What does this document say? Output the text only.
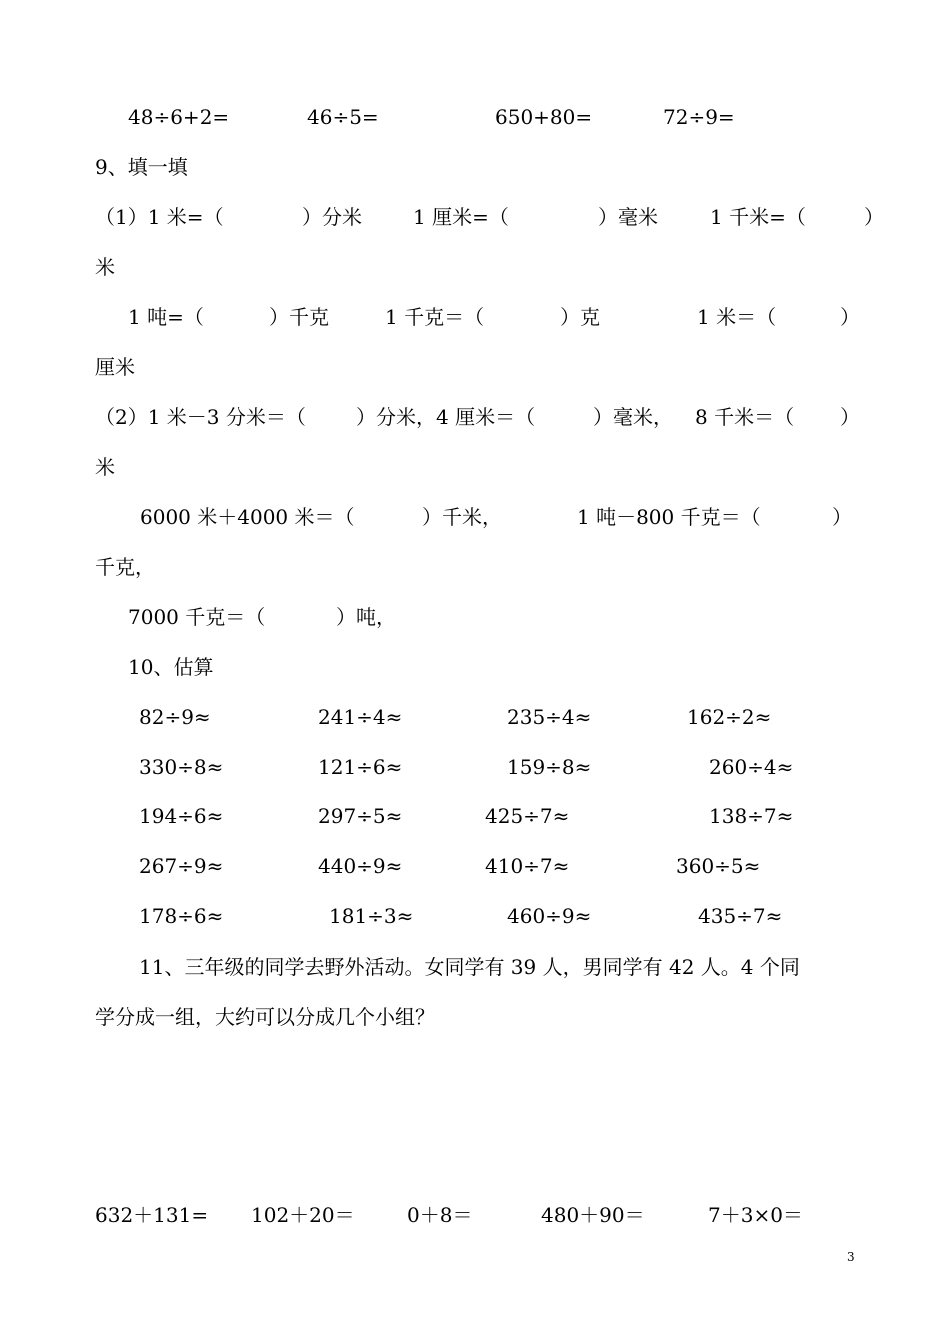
48÷6+2=	46÷5=	650+80=	72÷9=
9、填一填
（1）1 米=（	）分米	1 厘米=（	）毫米	1 千米=（	）
米
1 吨=（	）千克	1 千克＝（	）克	1 米＝（	）
厘米
（2）1 米－3 分米＝（	）分米，4 厘米＝（	）毫米， 8 千米＝（ ）
米
6000 米＋4000 米＝（	）千米，	1 吨－800 千克＝（	）
千克，
7000 千克＝（	）吨，
10、估算
82÷9≈	241÷4≈	235÷4≈	162÷2≈
330÷8≈	121÷6≈	159÷8≈	260÷4≈
194÷6≈	297÷5≈	425÷7≈	138÷7≈
267÷9≈	440÷9≈	410÷7≈	360÷5≈
178÷6≈	181÷3≈	460÷9≈	435÷7≈
11、三年级的同学去野外活动。女同学有 39 人，男同学有 42 人。4 个同
学分成一组，大约可以分成几个小组？
632＋131= 102＋20＝	0＋8＝	480＋90＝	7＋3×0＝
3
